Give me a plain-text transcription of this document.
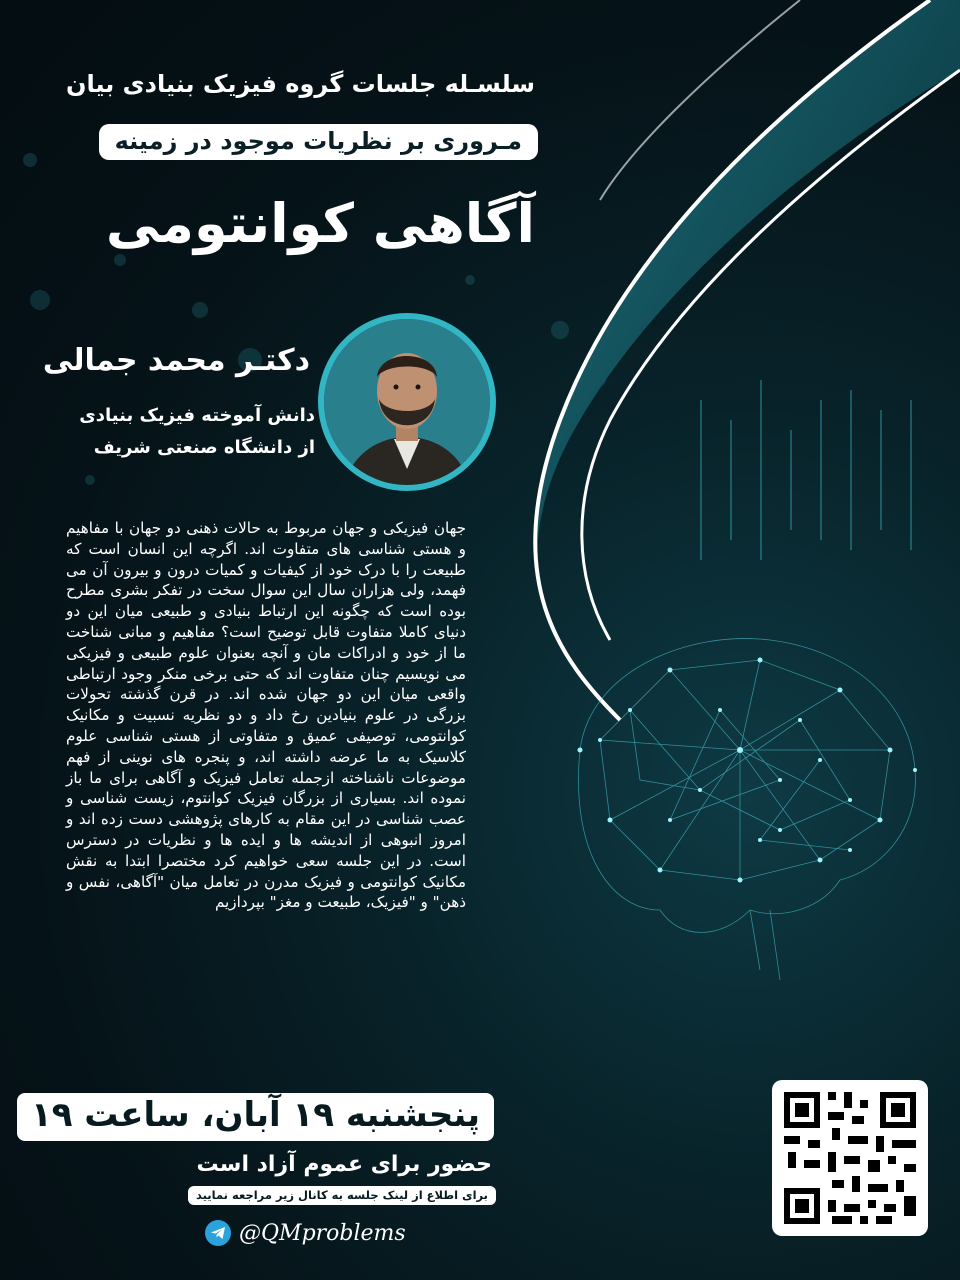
سلسـله جلسات گروه فیزیک بنیادی بیان
مـروری بر نظریات موجود در زمینه
آگاهی کوانتومی
دکتـر محمد جمالی
دانش آموخته فیزیک بنیادی
از دانشگاه صنعتی شریف
جهان فیزیکی و جهان مربوط به حالات ذهنی دو جهان با مفاهیم و هستی شناسی های متفاوت اند. اگرچه این انسان است که طبیعت را با درک خود از کیفیات و کمیات درون و بیرون آن می فهمد، ولی هزاران سال این سوال سخت در تفکر بشری مطرح بوده است که چگونه این ارتباط بنیادی و طبیعی میان این دو دنیای کاملا متفاوت قابل توضیح است؟ مفاهیم و مبانی شناخت ما از خود و ادراکات مان و آنچه بعنوان علوم طبیعی و فیزیکی می نویسیم چنان متفاوت اند که حتی برخی منکر وجود ارتباطی واقعی میان این دو جهان شده اند. در قرن گذشته تحولات بزرگی در علوم بنیادین رخ داد و دو نظریه نسبیت و مکانیک کوانتومی، توصیفی عمیق و متفاوتی از هستی شناسی علوم کلاسیک به ما عرضه داشته اند، و پنجره های نوینی از فهم موضوعات ناشناخته ازجمله تعامل فیزیک و آگاهی برای ما باز نموده اند. بسیاری از بزرگان فیزیک کوانتوم، زیست شناسی و عصب شناسی در این مقام به کارهای پژوهشی دست زده اند و امروز انبوهی از اندیشه ها و ایده ها و نظریات در دسترس است. در این جلسه سعی خواهیم کرد مختصرا ابتدا به نقش مکانیک کوانتومی و فیزیک مدرن در تعامل میان "آگاهی، نفس و ذهن" و "فیزیک، طبیعت و مغز" بپردازیم
پنجشنبه ۱۹ آبان، ساعت ۱۹
حضور برای عموم آزاد است
برای اطلاع از لینک جلسه به کانال زیر مراجعه نمایید
@QMproblems
